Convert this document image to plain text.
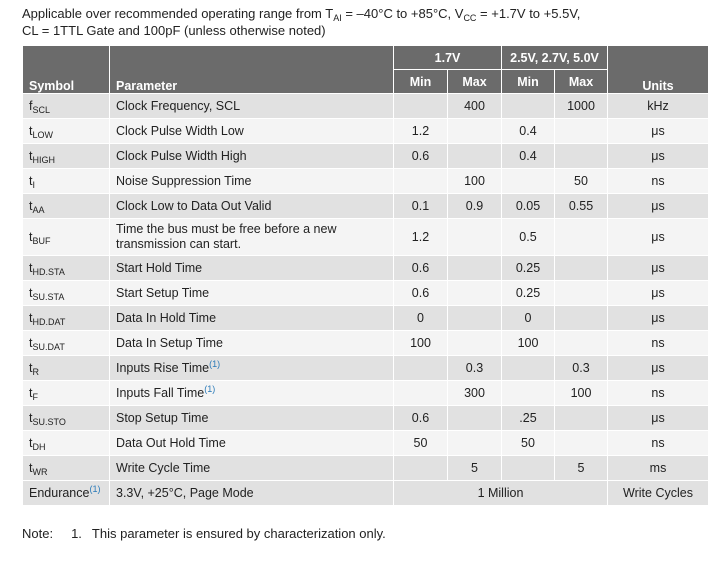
Applicable over recommended operating range from $T_{AI} = -40^\circ C$ to +85°C, $V_{CC} = +1.7V$ to +5.5V,
CL = 1TTL Gate and 100pF (unless otherwise noted)
Symbol	Parameter	1.7V		2.5V, 2.7V, 5.0V		Units
		Min	Max	Min	Max	
$f_{SCL}$	Clock Frequency, SCL		400		1000	kHz
$t_{LOW}$	Clock Pulse Width Low	1.2		0.4		μs
$t_{HIGH}$	Clock Pulse Width High	0.6		0.4		μs
$t_I$	Noise Suppression Time		100		50	ns
$t_{AA}$	Clock Low to Data Out Valid	0.1	0.9	0.05	0.55	μs
$t_{BUF}$	Time the bus must be free before a new
transmission can start.	1.2		0.5		μs
$t_{HD.STA}$	Start Hold Time	0.6		0.25		μs
$t_{SU.STA}$	Start Setup Time	0.6		0.25		μs
$t_{HD.DAT}$	Data In Hold Time	0		0		μs
$t_{SU.DAT}$	Data In Setup Time	100		100		ns
$t_R$	Inputs Rise Time$^{(1)}$		0.3		0.3	μs
$t_F$	Inputs Fall Time$^{(1)}$		300		100	ns
$t_{SU.STO}$	Stop Setup Time	0.6		.25		μs
$t_{DH}$	Data Out Hold Time	50		50		ns
$t_{WR}$	Write Cycle Time		5		5	ms
Endurance$^{(1)}$	3.3V, +25°C, Page Mode	1 Million				Write Cycles
Note: 1. This parameter is ensured by characterization only.
